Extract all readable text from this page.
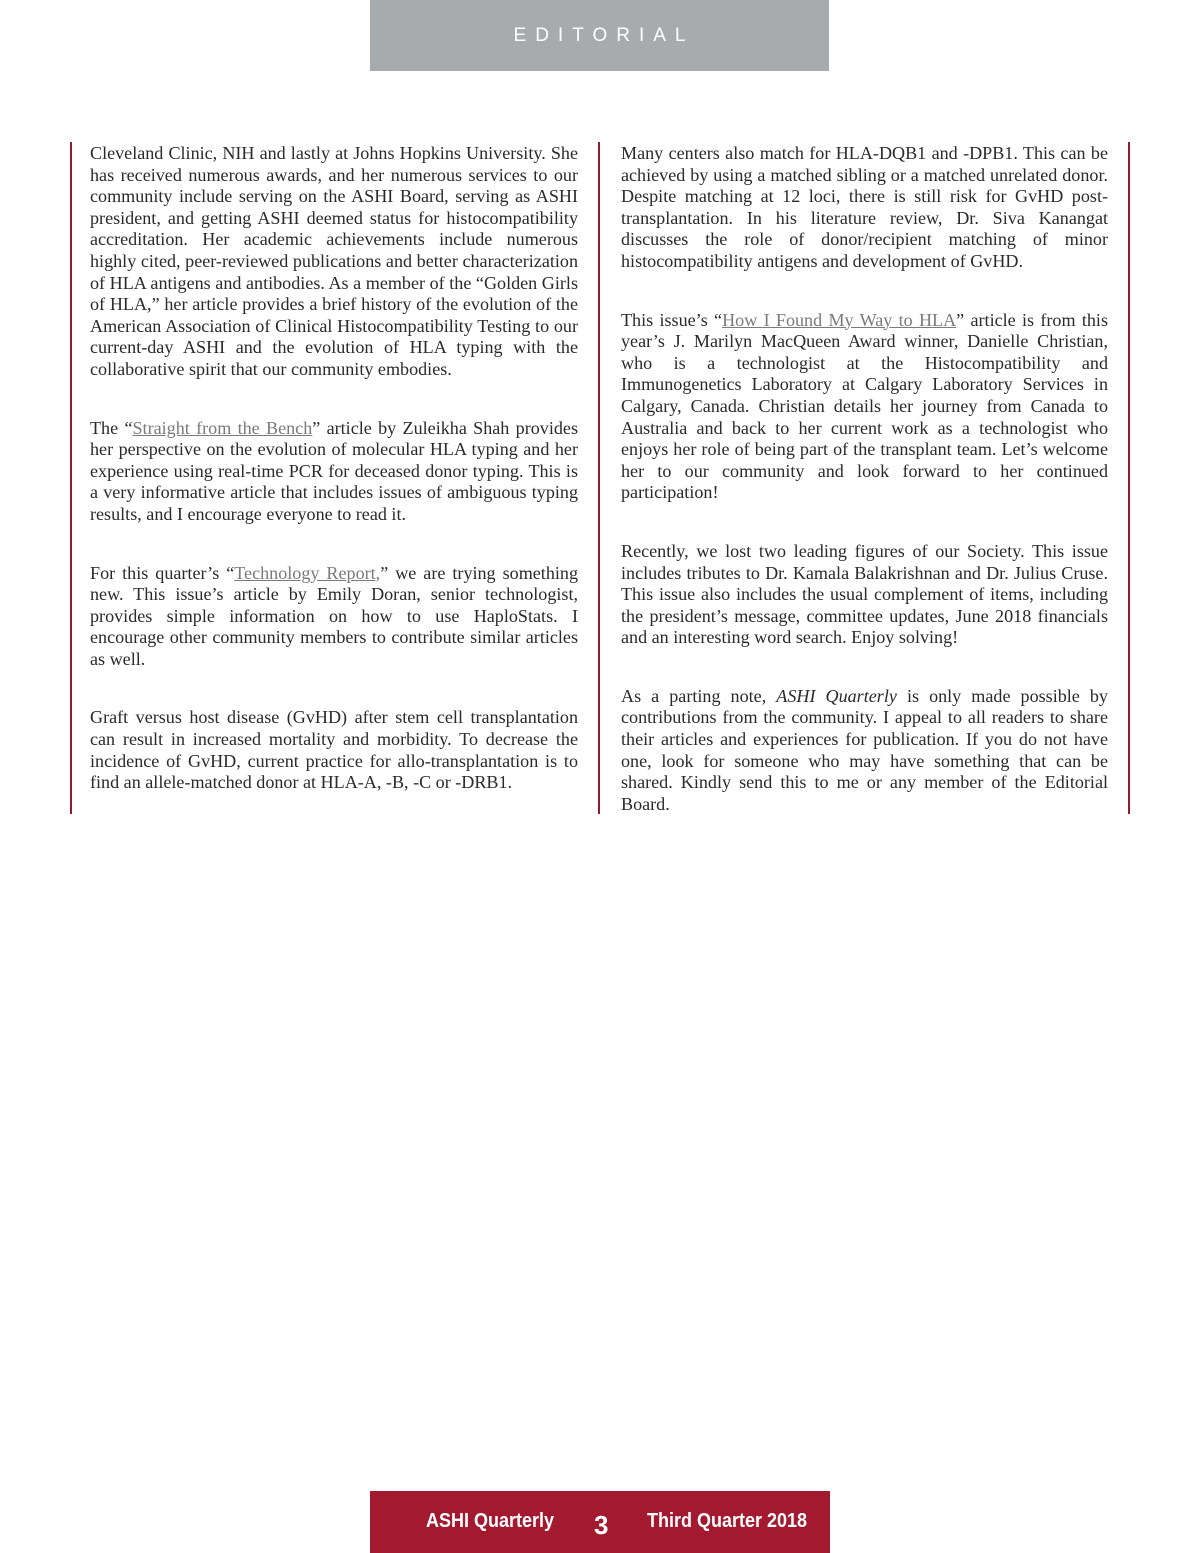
EDITORIAL

Cleveland Clinic, NIH and lastly at Johns Hopkins University. She has received numerous awards, and her numerous services to our community include serving on the ASHI Board, serving as ASHI president, and getting ASHI deemed status for histocompatibility accreditation. Her academic achievements include numerous highly cited, peer-reviewed publications and better characterization of HLA antigens and antibodies. As a member of the “Golden Girls of HLA,” her article provides a brief history of the evolution of the American Association of Clinical Histocompatibility Testing to our current-day ASHI and the evolution of HLA typing with the collaborative spirit that our community embodies.

The “Straight from the Bench” article by Zuleikha Shah provides her perspective on the evolution of molecular HLA typing and her experience using real-time PCR for deceased donor typing. This is a very informative article that includes issues of ambiguous typing results, and I encourage everyone to read it.

For this quarter’s “Technology Report,” we are trying something new. This issue’s article by Emily Doran, senior technologist, provides simple information on how to use HaploStats. I encourage other community members to contribute similar articles as well.

Graft versus host disease (GvHD) after stem cell transplantation can result in increased mortality and morbidity. To decrease the incidence of GvHD, current practice for allo-transplantation is to find an allele-matched donor at HLA-A, -B, -C or -DRB1.

Many centers also match for HLA-DQB1 and -DPB1. This can be achieved by using a matched sibling or a matched unrelated donor. Despite matching at 12 loci, there is still risk for GvHD post-transplantation. In his literature review, Dr. Siva Kanangat discusses the role of donor/recipient matching of minor histocompatibility antigens and development of GvHD.

This issue’s “How I Found My Way to HLA” article is from this year’s J. Marilyn MacQueen Award winner, Danielle Christian, who is a technologist at the Histocompatibility and Immunogenetics Laboratory at Calgary Laboratory Services in Calgary, Canada. Christian details her journey from Canada to Australia and back to her current work as a technologist who enjoys her role of being part of the transplant team. Let’s welcome her to our community and look forward to her continued participation!

Recently, we lost two leading figures of our Society. This issue includes tributes to Dr. Kamala Balakrishnan and Dr. Julius Cruse. This issue also includes the usual complement of items, including the president’s message, committee updates, June 2018 financials and an interesting word search. Enjoy solving!

As a parting note, ASHI Quarterly is only made possible by contributions from the community. I appeal to all readers to share their articles and experiences for publication. If you do not have one, look for someone who may have something that can be shared. Kindly send this to me or any member of the Editorial Board.

ASHI Quarterly 3 Third Quarter 2018
